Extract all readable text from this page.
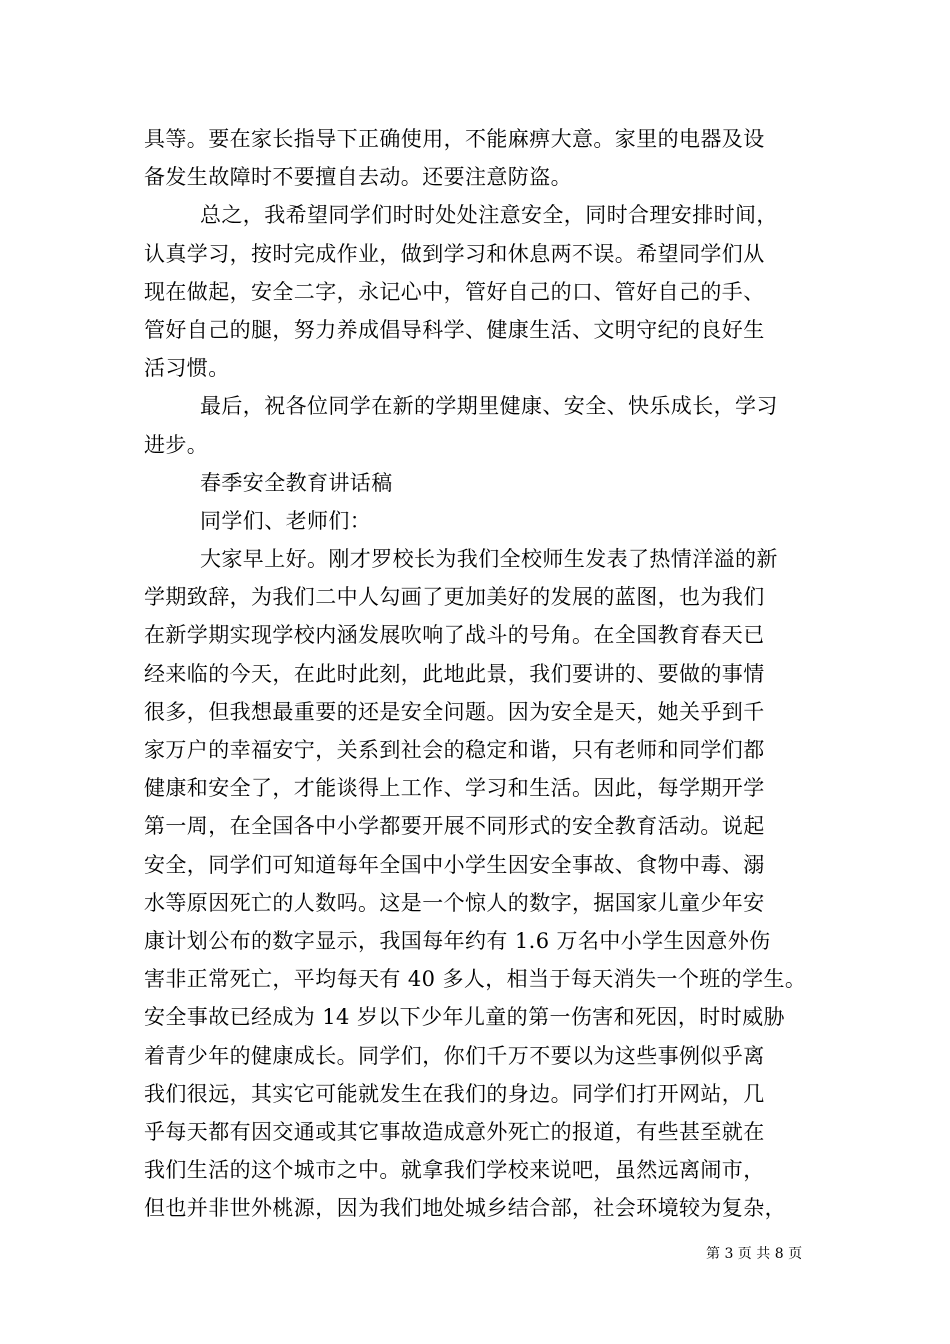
具等。要在家长指导下正确使用，不能麻痹大意。家里的电器及设
备发生故障时不要擅自去动。还要注意防盗。
总之，我希望同学们时时处处注意安全，同时合理安排时间，
认真学习，按时完成作业，做到学习和休息两不误。希望同学们从
现在做起，安全二字，永记心中，管好自己的口、管好自己的手、
管好自己的腿，努力养成倡导科学、健康生活、文明守纪的良好生
活习惯。
最后，祝各位同学在新的学期里健康、安全、快乐成长，学习
进步。
春季安全教育讲话稿
同学们、老师们：
大家早上好。刚才罗校长为我们全校师生发表了热情洋溢的新
学期致辞，为我们二中人勾画了更加美好的发展的蓝图，也为我们
在新学期实现学校内涵发展吹响了战斗的号角。在全国教育春天已
经来临的今天，在此时此刻，此地此景，我们要讲的、要做的事情
很多，但我想最重要的还是安全问题。因为安全是天，她关乎到千
家万户的幸福安宁，关系到社会的稳定和谐，只有老师和同学们都
健康和安全了，才能谈得上工作、学习和生活。因此，每学期开学
第一周，在全国各中小学都要开展不同形式的安全教育活动。说起
安全，同学们可知道每年全国中小学生因安全事故、食物中毒、溺
水等原因死亡的人数吗。这是一个惊人的数字，据国家儿童少年安
康计划公布的数字显示，我国每年约有 1.6 万名中小学生因意外伤
害非正常死亡，平均每天有 40 多人，相当于每天消失一个班的学生。
安全事故已经成为 14 岁以下少年儿童的第一伤害和死因，时时威胁
着青少年的健康成长。同学们，你们千万不要以为这些事例似乎离
我们很远，其实它可能就发生在我们的身边。同学们打开网站，几
乎每天都有因交通或其它事故造成意外死亡的报道，有些甚至就在
我们生活的这个城市之中。就拿我们学校来说吧，虽然远离闹市，
但也并非世外桃源，因为我们地处城乡结合部，社会环境较为复杂，
第 3 页 共 8 页
